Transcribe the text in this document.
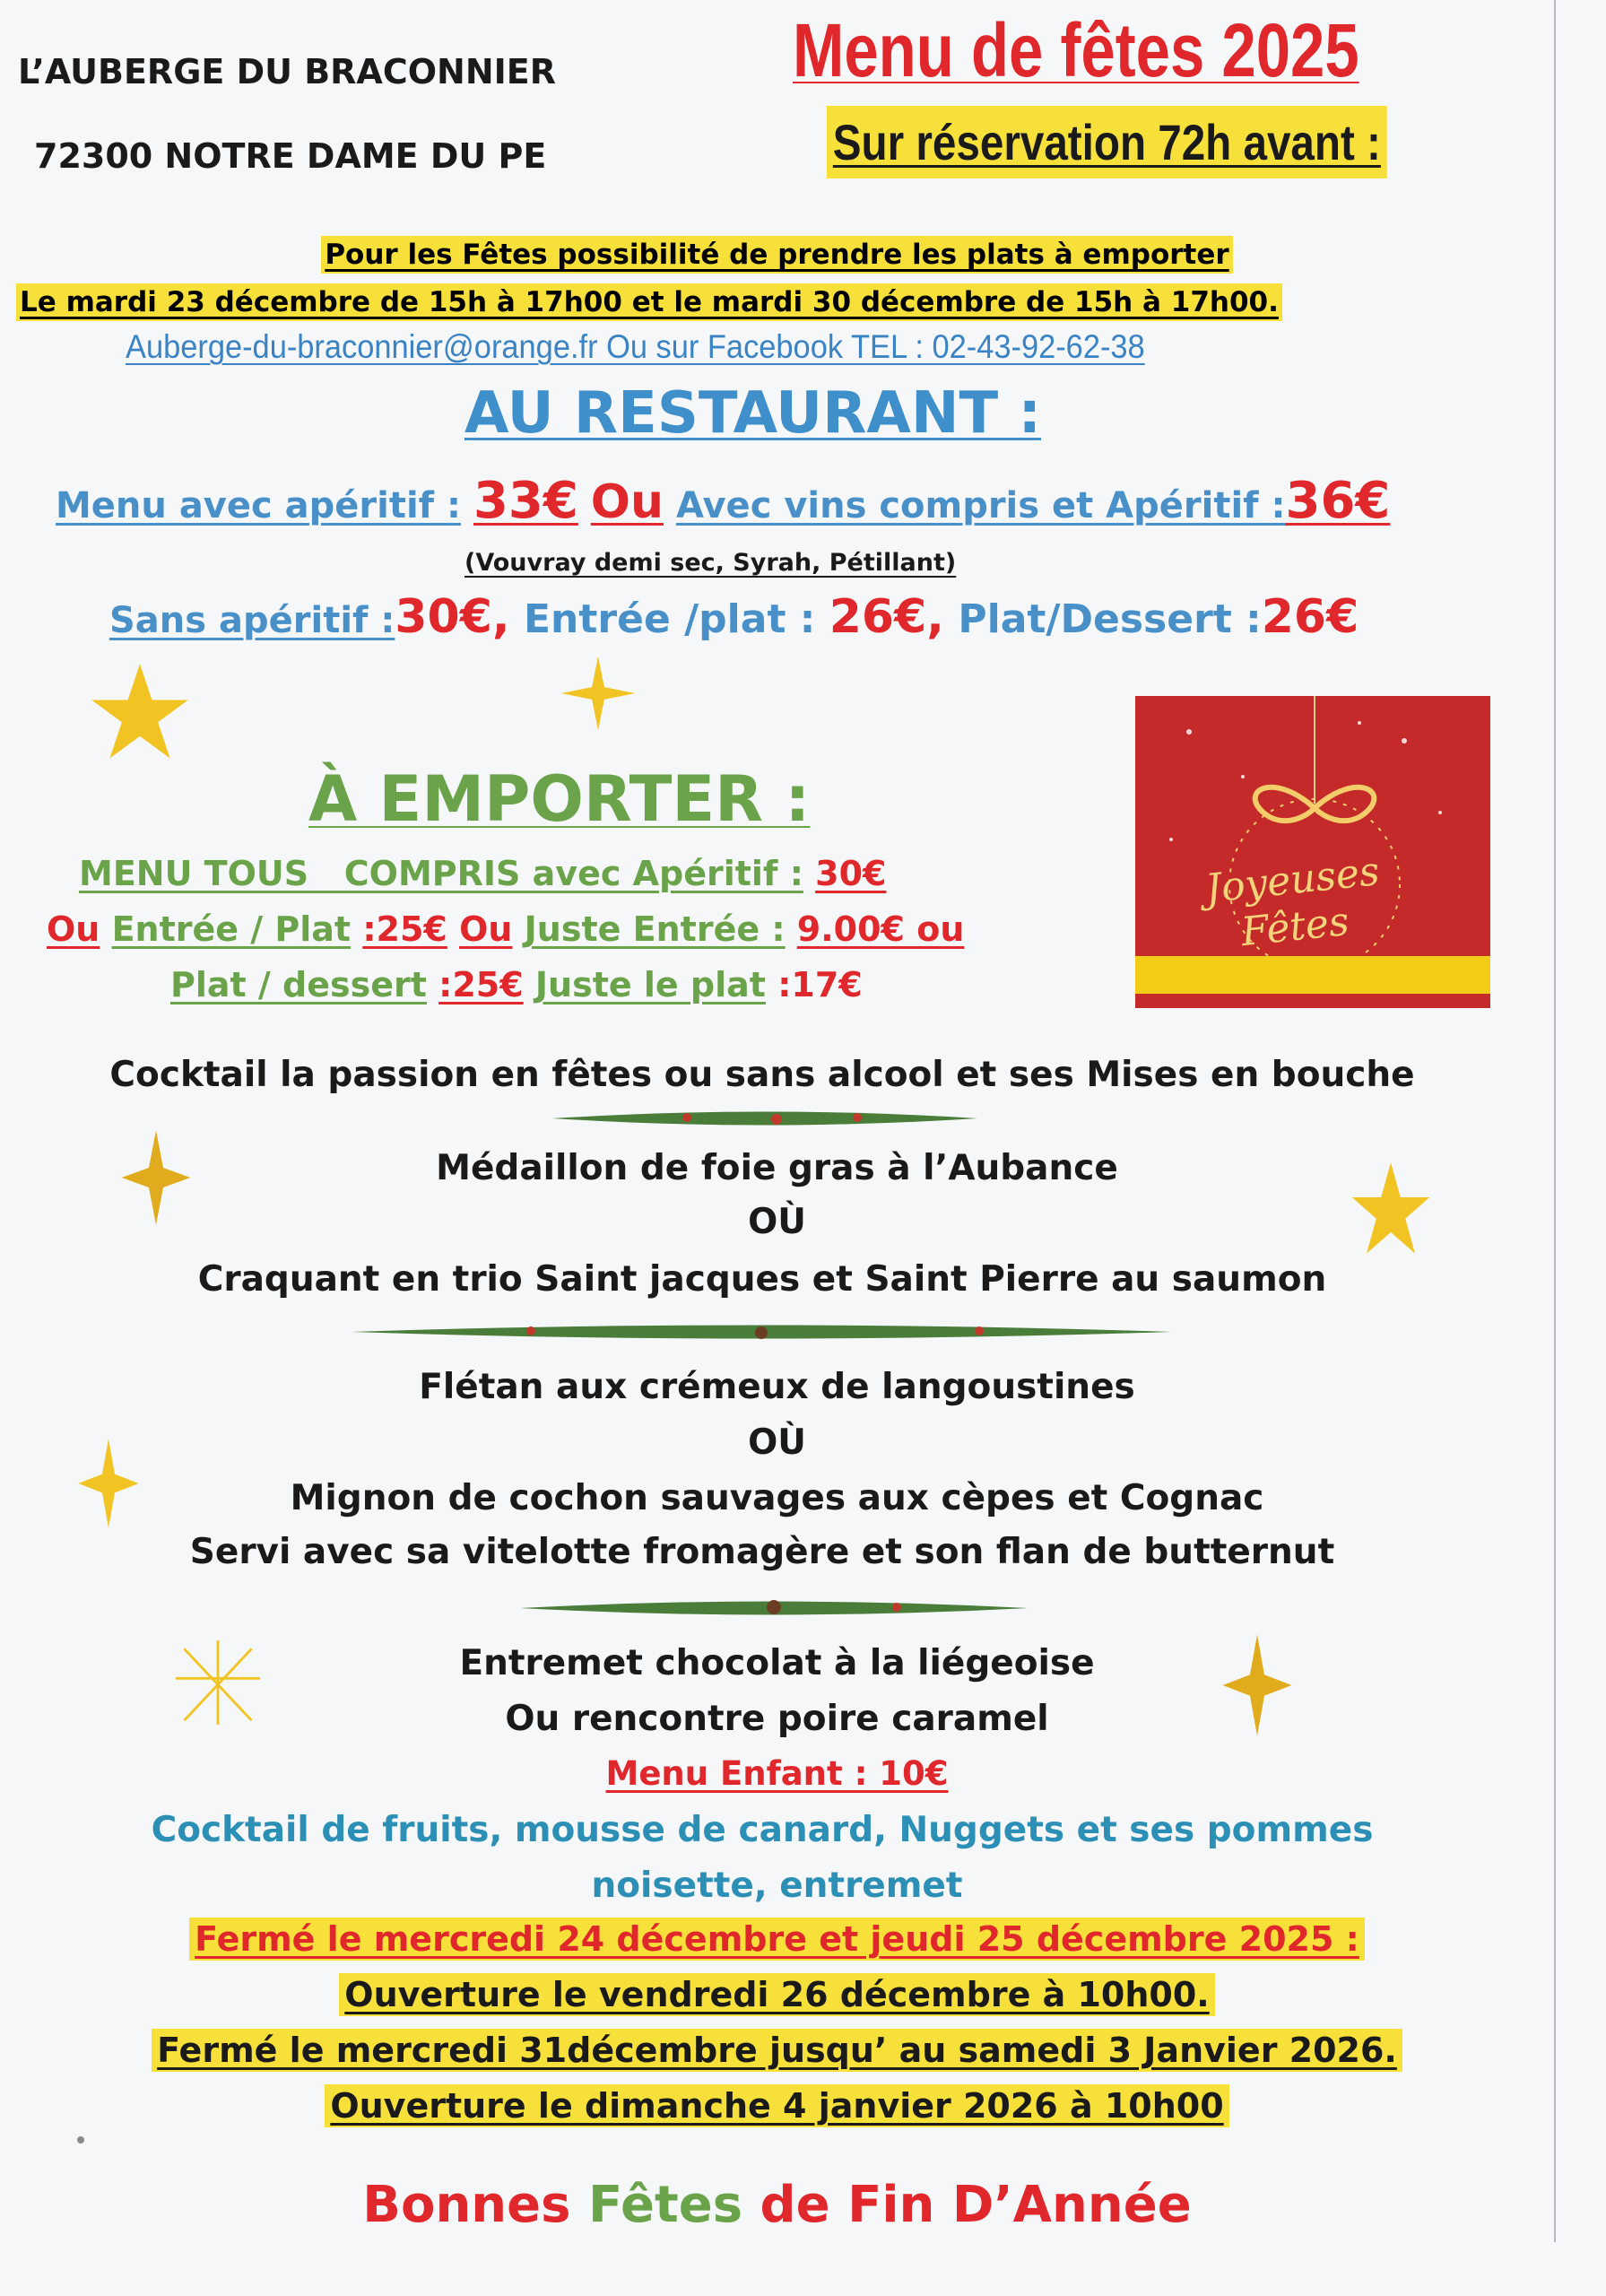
L’AUBERGE DU BRACONNIER
72300 NOTRE DAME DU PE
Menu de fêtes 2025
Sur réservation 72h avant :
Pour les Fêtes possibilité de prendre les plats à emporter
Le mardi 23 décembre de 15h à 17h00 et le mardi 30 décembre de 15h à 17h00.
Auberge-du-braconnier@orange.fr Ou sur Facebook TEL : 02-43-92-62-38
AU RESTAURANT :
Menu avec apéritif : 33€ Ou Avec vins compris et Apéritif :36€
(Vouvray demi sec, Syrah, Pétillant)
Sans apéritif :30€, Entrée /plat : 26€, Plat/Dessert :26€
À EMPORTER :
MENU TOUS   COMPRIS avec Apéritif : 30€
Ou Entrée / Plat :25€ Ou Juste Entrée : 9.00€ ou
Plat / dessert :25€ Juste le plat :17€
Joyeuses
Fêtes
Cocktail la passion en fêtes ou sans alcool et ses Mises en bouche
Médaillon de foie gras à l’Aubance
OÙ
Craquant en trio Saint jacques et Saint Pierre au saumon
Flétan aux crémeux de langoustines
OÙ
Mignon de cochon sauvages aux cèpes et Cognac
Servi avec sa vitelotte fromagère et son flan de butternut
Entremet chocolat à la liégeoise
Ou rencontre poire caramel
Menu Enfant : 10€
Cocktail de fruits, mousse de canard, Nuggets et ses pommes
noisette, entremet
Fermé le mercredi 24 décembre et jeudi 25 décembre 2025 :
Ouverture le vendredi 26 décembre à 10h00.
Fermé le mercredi 31décembre jusqu’ au samedi 3 Janvier 2026.
Ouverture le dimanche 4 janvier 2026 à 10h00
Bonnes Fêtes de Fin D’Année
